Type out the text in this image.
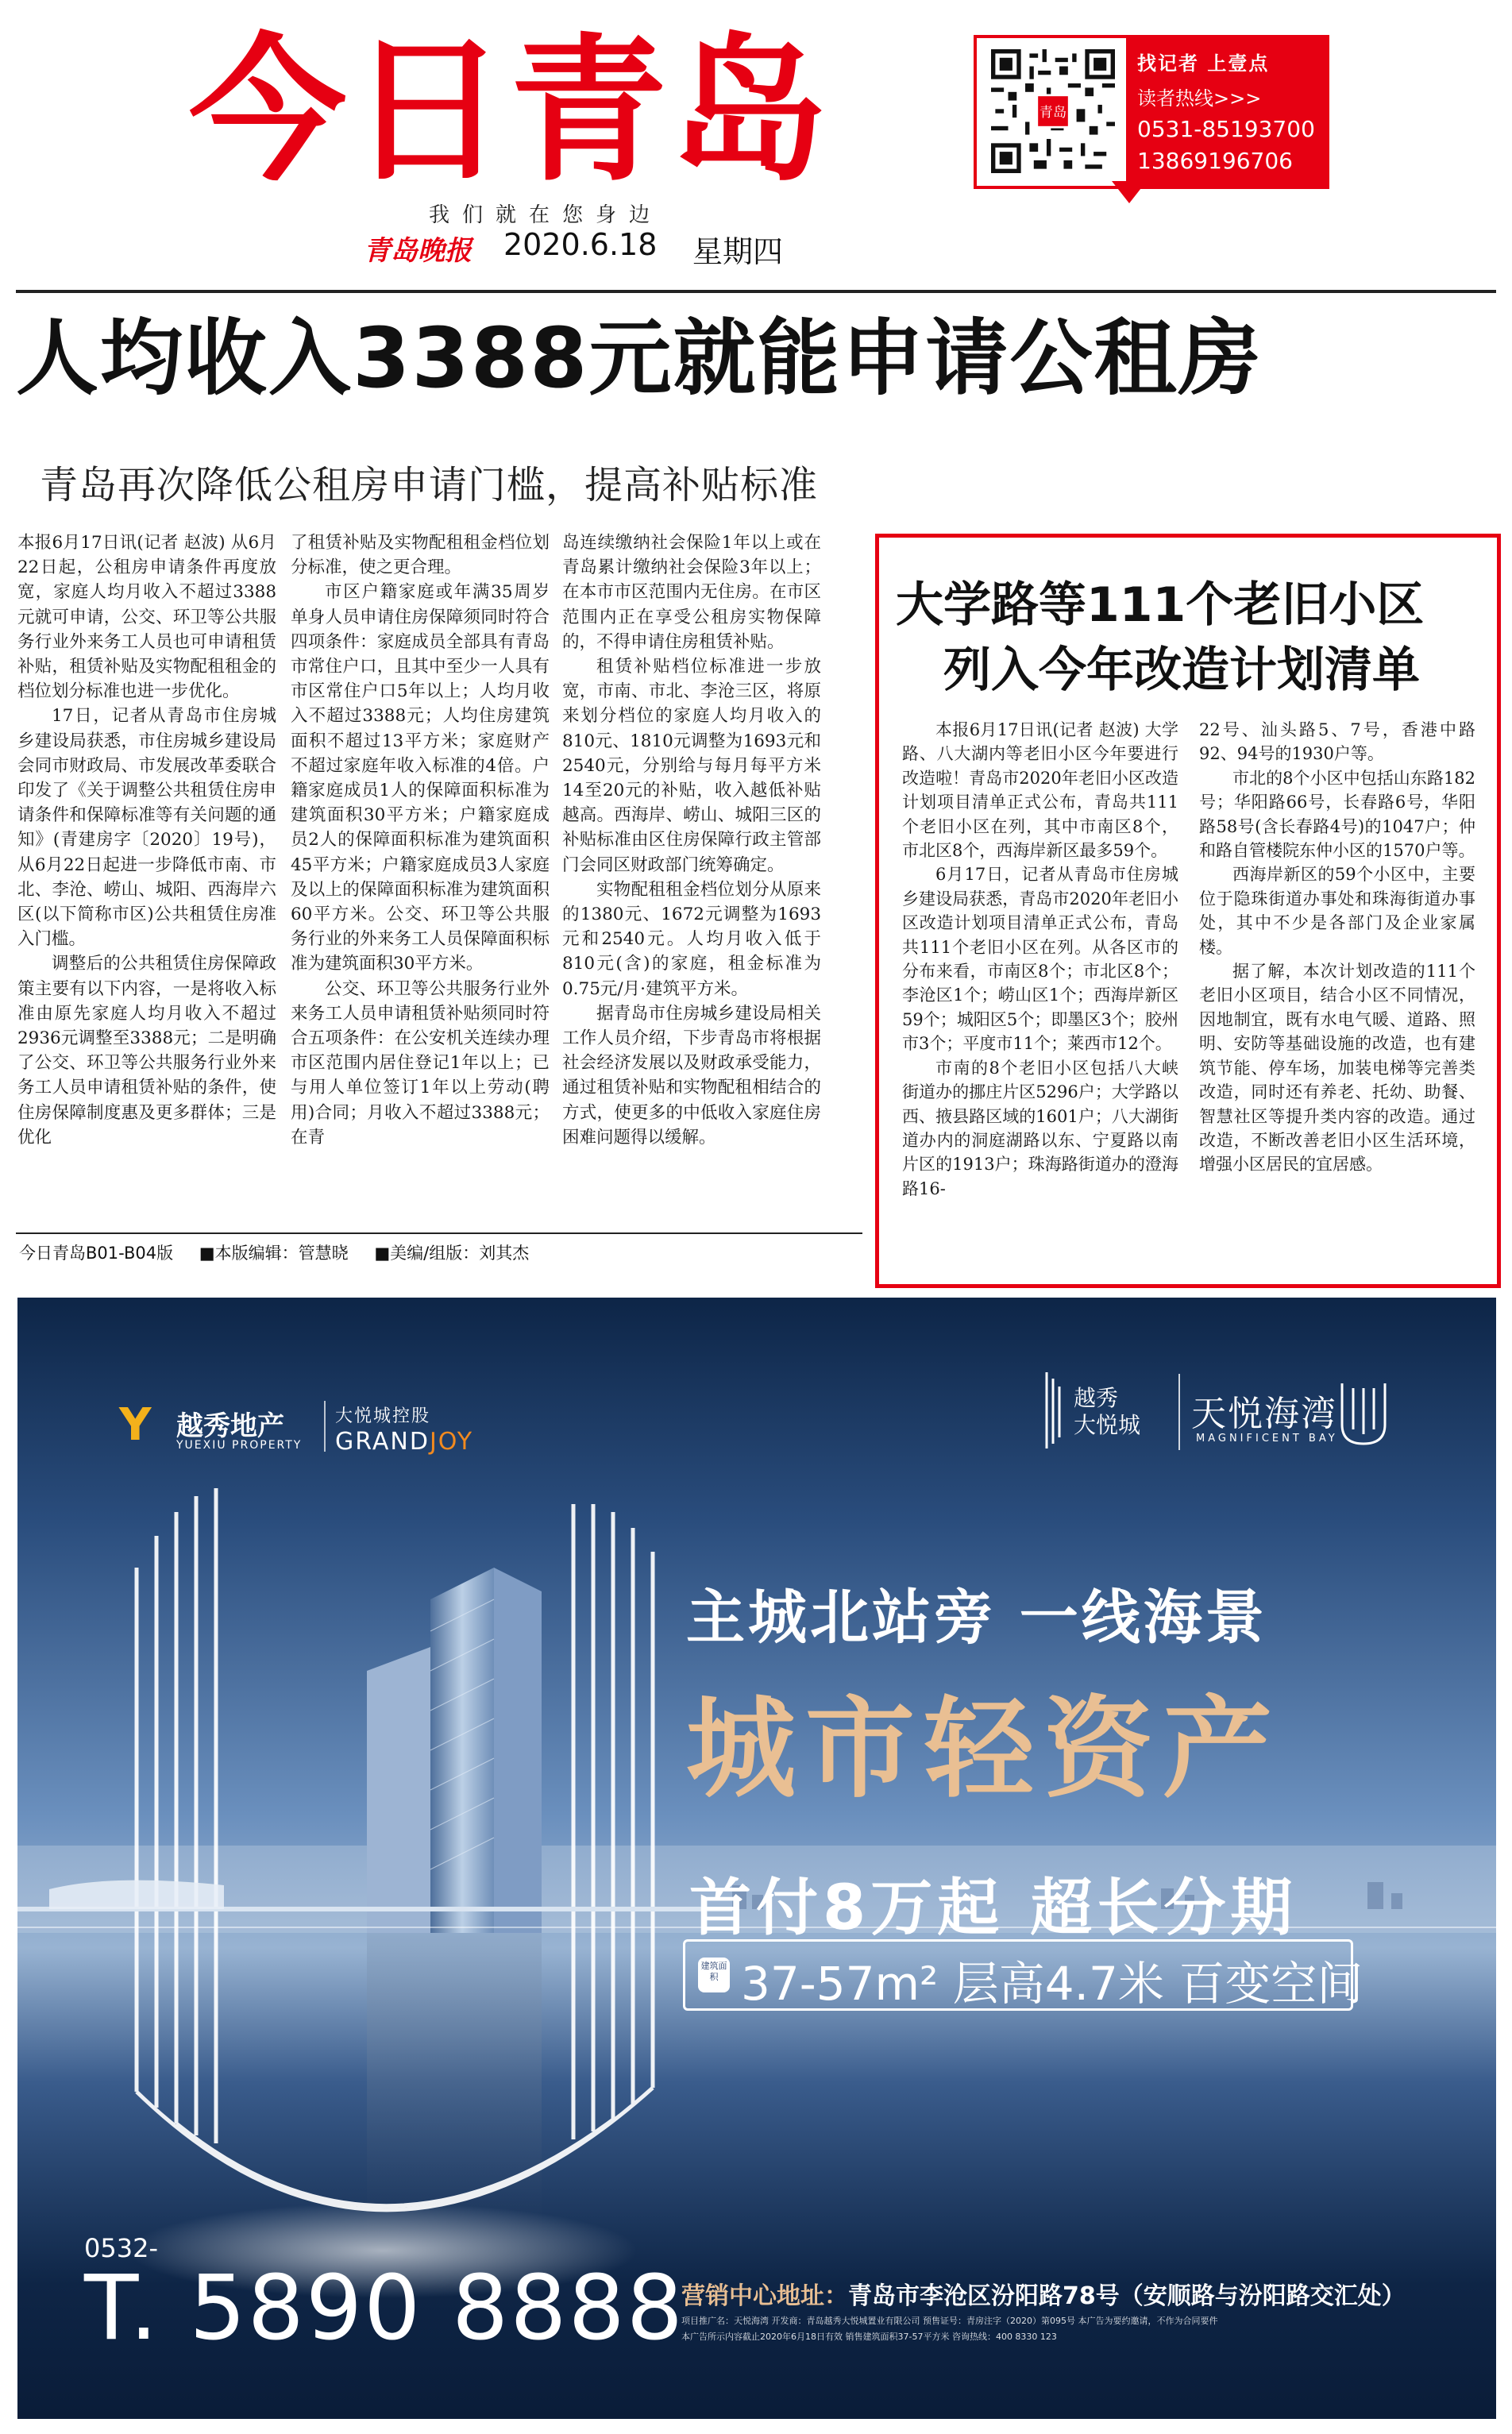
今日青岛
我们就在您身边
青岛晚报 2020.6.18 星期四
青岛
找记者 上壹点
读者热线>>>
0531-85193700
13869196706
人均收入3388元就能申请公租房
青岛再次降低公租房申请门槛，提高补贴标准

本报6月17日讯(记者 赵波) 从6月22日起，公租房申请条件再度放宽，家庭人均月收入不超过3388元就可申请，公交、环卫等公共服务行业外来务工人员也可申请租赁补贴，租赁补贴及实物配租租金的档位划分标准也进一步优化。

17日，记者从青岛市住房城乡建设局获悉，市住房城乡建设局会同市财政局、市发展改革委联合印发了《关于调整公共租赁住房申请条件和保障标准等有关问题的通知》(青建房字〔2020〕19号)，从6月22日起进一步降低市南、市北、李沧、崂山、城阳、西海岸六区(以下简称市区)公共租赁住房准入门槛。

调整后的公共租赁住房保障政策主要有以下内容，一是将收入标准由原先家庭人均月收入不超过2936元调整至3388元；二是明确了公交、环卫等公共服务行业外来务工人员申请租赁补贴的条件，使住房保障制度惠及更多群体；三是优化

了租赁补贴及实物配租租金档位划分标准，使之更合理。

市区户籍家庭或年满35周岁单身人员申请住房保障须同时符合四项条件：家庭成员全部具有青岛市常住户口，且其中至少一人具有市区常住户口5年以上；人均月收入不超过3388元；人均住房建筑面积不超过13平方米；家庭财产不超过家庭年收入标准的4倍。户籍家庭成员1人的保障面积标准为建筑面积30平方米；户籍家庭成员2人的保障面积标准为建筑面积45平方米；户籍家庭成员3人家庭及以上的保障面积标准为建筑面积60平方米。公交、环卫等公共服务行业的外来务工人员保障面积标准为建筑面积30平方米。

公交、环卫等公共服务行业外来务工人员申请租赁补贴须同时符合五项条件：在公安机关连续办理市区范围内居住登记1年以上；已与用人单位签订1年以上劳动(聘用)合同；月收入不超过3388元；在青

岛连续缴纳社会保险1年以上或在青岛累计缴纳社会保险3年以上；在本市市区范围内无住房。在市区范围内正在享受公租房实物保障的，不得申请住房租赁补贴。

租赁补贴档位标准进一步放宽，市南、市北、李沧三区，将原来划分档位的家庭人均月收入的810元、1810元调整为1693元和2540元，分别给与每月每平方米14至20元的补贴，收入越低补贴越高。西海岸、崂山、城阳三区的补贴标准由区住房保障行政主管部门会同区财政部门统筹确定。

实物配租租金档位划分从原来的1380元、1672元调整为1693元和2540元。人均月收入低于810元(含)的家庭，租金标准为0.75元/月·建筑平方米。

据青岛市住房城乡建设局相关工作人员介绍，下步青岛市将根据社会经济发展以及财政承受能力，通过租赁补贴和实物配租相结合的方式，使更多的中低收入家庭住房困难问题得以缓解。

大学路等111个老旧小区
列入今年改造计划清单

本报6月17日讯(记者 赵波) 大学路、八大湖内等老旧小区今年要进行改造啦！青岛市2020年老旧小区改造计划项目清单正式公布，青岛共111个老旧小区在列，其中市南区8个，市北区8个，西海岸新区最多59个。

6月17日，记者从青岛市住房城乡建设局获悉，青岛市2020年老旧小区改造计划项目清单正式公布，青岛共111个老旧小区在列。从各区市的分布来看，市南区8个；市北区8个；李沧区1个；崂山区1个；西海岸新区59个；城阳区5个；即墨区3个；胶州市3个；平度市11个；莱西市12个。

市南的8个老旧小区包括八大峡街道办的挪庄片区5296户；大学路以西、掖县路区域的1601户；八大湖街道办内的洞庭湖路以东、宁夏路以南片区的1913户；珠海路街道办的澄海路16-

22号、汕头路5、7号，香港中路92、94号的1930户等。

市北的8个小区中包括山东路182号；华阳路66号，长春路6号，华阳路58号(含长春路4号)的1047户；仲和路自管楼院东仲小区的1570户等。

西海岸新区的59个小区中，主要位于隐珠街道办事处和珠海街道办事处，其中不少是各部门及企业家属楼。

据了解，本次计划改造的111个老旧小区项目，结合小区不同情况，因地制宜，既有水电气暖、道路、照明、安防等基础设施的改造，也有建筑节能、停车场，加装电梯等完善类改造，同时还有养老、托幼、助餐、智慧社区等提升类内容的改造。通过改造，不断改善老旧小区生活环境，增强小区居民的宜居感。

今日青岛B01-B04版 ■本版编辑：管慧晓 ■美编/组版：刘其杰
Y 越秀地产
YUEXIU PROPERTY
大悦城控股
GRANDJOY
越秀
大悦城 天悦海湾
MAGNIFICENT BAY
主城北站旁 一线海景
城市轻资产
首付8万起 超长分期
建筑面积 37-57m² 层高4.7米 百变空间
0532-
T. 5890 8888
营销中心地址：青岛市李沧区汾阳路78号（安顺路与汾阳路交汇处）
项目推广名：天悦海湾 开发商：青岛越秀大悦城置业有限公司 预售证号：青房注字（2020）第095号 本广告为要约邀请，不作为合同要件
本广告所示内容截止2020年6月18日有效 销售建筑面积37-57平方米 咨询热线：400 8330 123
